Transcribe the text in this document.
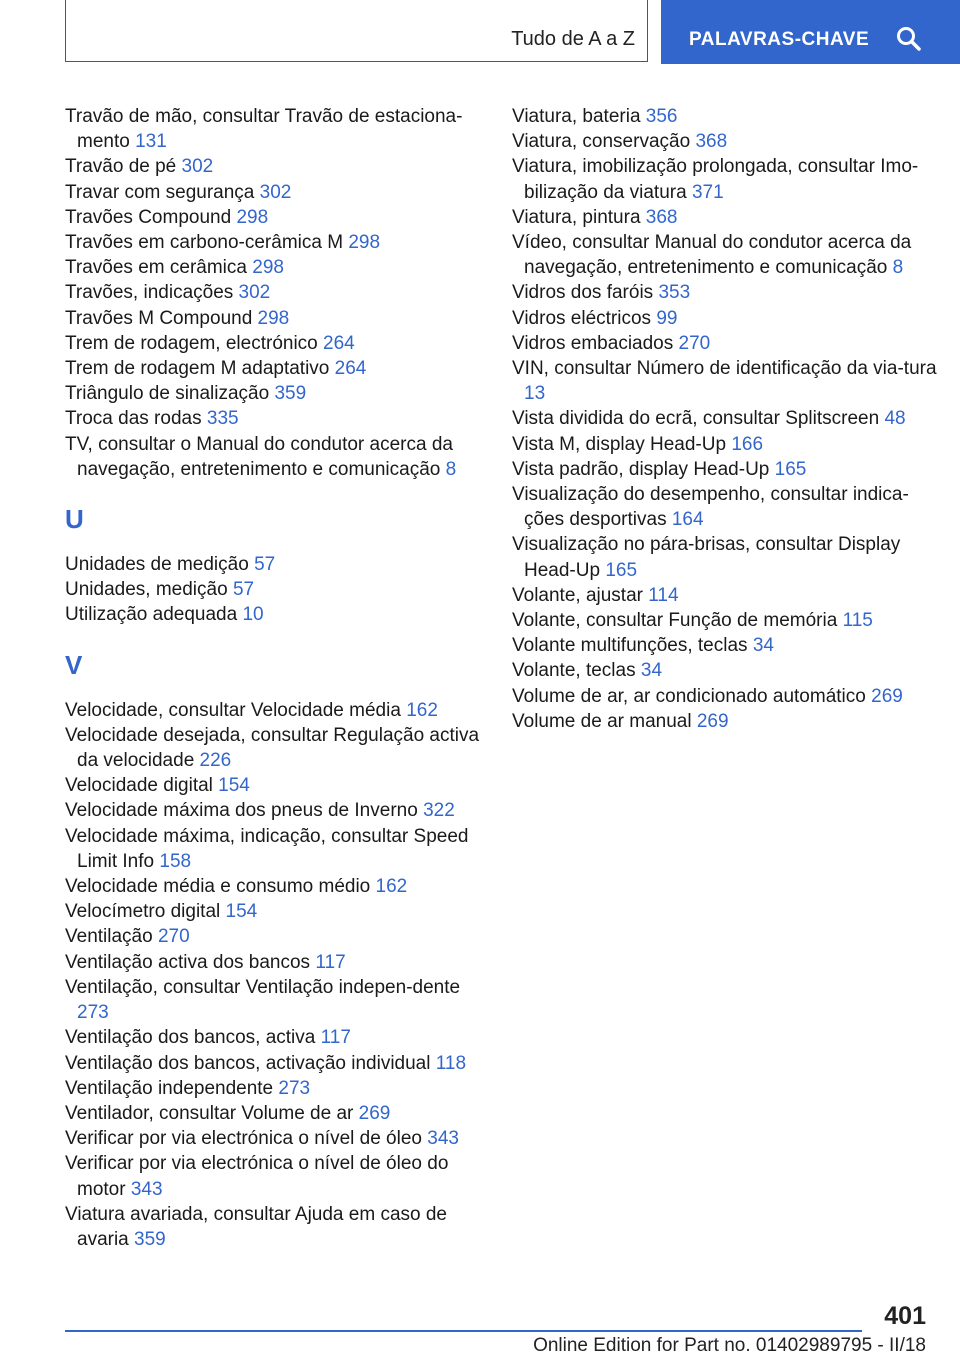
Tudo de A a Z	PALAVRAS-CHAVE
Travão de mão, consultar Travão de estaciona-mento 131
Travão de pé 302
Travar com segurança 302
Travões Compound 298
Travões em carbono-cerâmica M 298
Travões em cerâmica 298
Travões, indicações 302
Travões M Compound 298
Trem de rodagem, electrónico 264
Trem de rodagem M adaptativo 264
Triângulo de sinalização 359
Troca das rodas 335
TV, consultar o Manual do condutor acerca da navegação, entretenimento e comunicação 8
U
Unidades de medição 57
Unidades, medição 57
Utilização adequada 10
V
Velocidade, consultar Velocidade média 162
Velocidade desejada, consultar Regulação activa da velocidade 226
Velocidade digital 154
Velocidade máxima dos pneus de Inverno 322
Velocidade máxima, indicação, consultar Speed Limit Info 158
Velocidade média e consumo médio 162
Velocímetro digital 154
Ventilação 270
Ventilação activa dos bancos 117
Ventilação, consultar Ventilação indepen-dente 273
Ventilação dos bancos, activa 117
Ventilação dos bancos, activação individual 118
Ventilação independente 273
Ventilador, consultar Volume de ar 269
Verificar por via electrónica o nível de óleo 343
Verificar por via electrónica o nível de óleo do motor 343
Viatura avariada, consultar Ajuda em caso de avaria 359
Viatura, bateria 356
Viatura, conservação 368
Viatura, imobilização prolongada, consultar Imo-bilização da viatura 371
Viatura, pintura 368
Vídeo, consultar Manual do condutor acerca da navegação, entretenimento e comunicação 8
Vidros dos faróis 353
Vidros eléctricos 99
Vidros embaciados 270
VIN, consultar Número de identificação da via-tura 13
Vista dividida do ecrã, consultar Splitscreen 48
Vista M, display Head-Up 166
Vista padrão, display Head-Up 165
Visualização do desempenho, consultar indica-ções desportivas 164
Visualização no pára-brisas, consultar Display Head-Up 165
Volante, ajustar 114
Volante, consultar Função de memória 115
Volante multifunções, teclas 34
Volante, teclas 34
Volume de ar, ar condicionado automático 269
Volume de ar manual 269
401
Online Edition for Part no. 01402989795 - II/18
